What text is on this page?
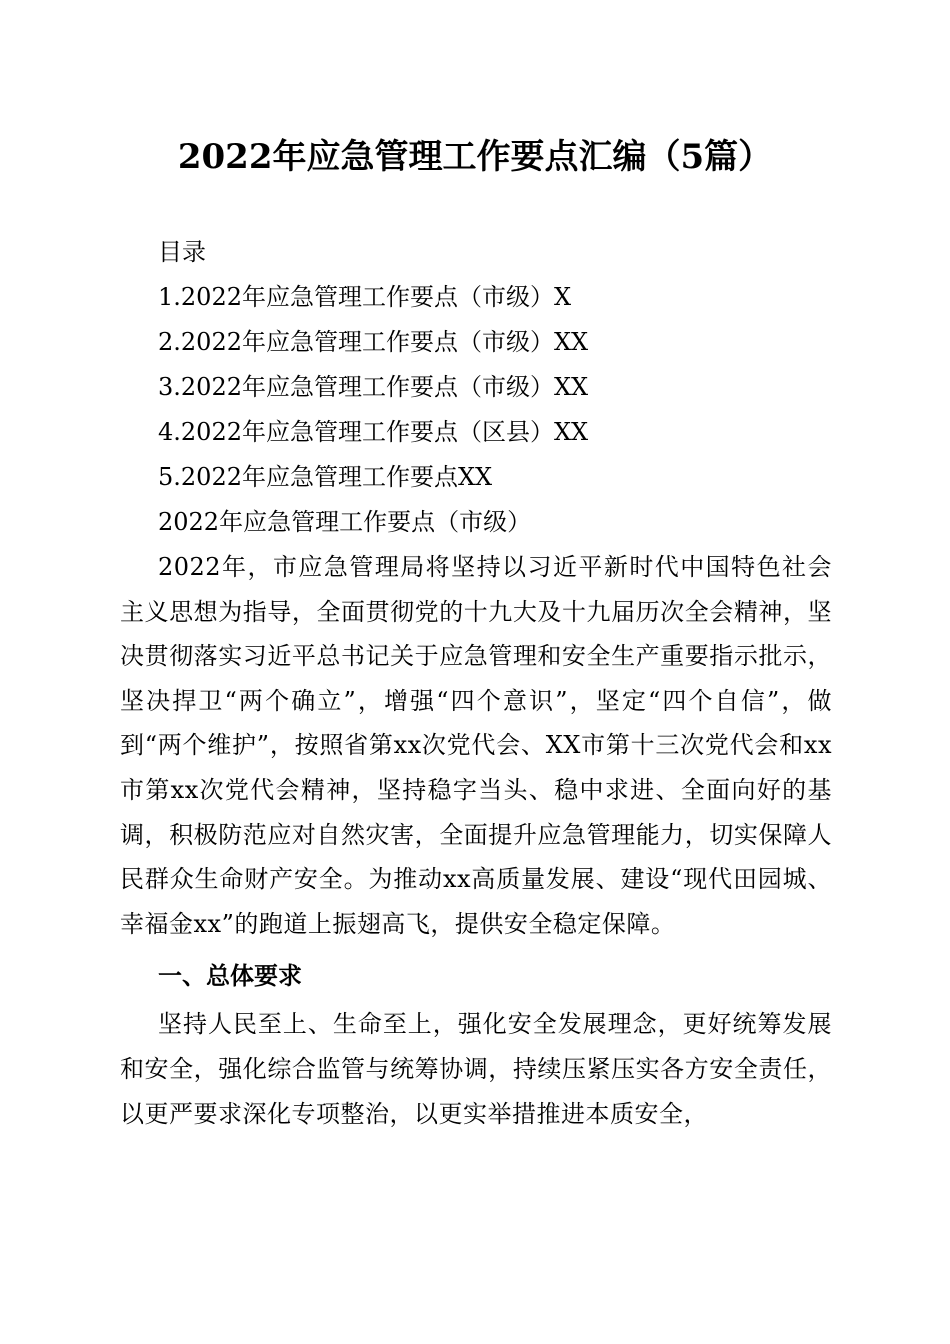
2022年应急管理工作要点汇编（5篇）
目录
1.2022年应急管理工作要点（市级）X
2.2022年应急管理工作要点（市级）XX
3.2022年应急管理工作要点（市级）XX
4.2022年应急管理工作要点（区县）XX
5.2022年应急管理工作要点XX
2022年应急管理工作要点（市级）

2022年，市应急管理局将坚持以习近平新时代中国特色社会主义思想为指导，全面贯彻党的十九大及十九届历次全会精神，坚决贯彻落实习近平总书记关于应急管理和安全生产重要指示批示，坚决捍卫“两个确立”，增强“四个意识”，坚定“四个自信”，做到“两个维护”，按照省第xx次党代会、XX市第十三次党代会和xx市第xx次党代会精神，坚持稳字当头、稳中求进、全面向好的基调，积极防范应对自然灾害，全面提升应急管理能力，切实保障人民群众生命财产安全。为推动xx高质量发展、建设“现代田园城、幸福金xx”的跑道上振翅高飞，提供安全稳定保障。

一、总体要求

坚持人民至上、生命至上，强化安全发展理念，更好统筹发展和安全，强化综合监管与统筹协调，持续压紧压实各方安全责任，以更严要求深化专项整治，以更实举措推进本质安全，
